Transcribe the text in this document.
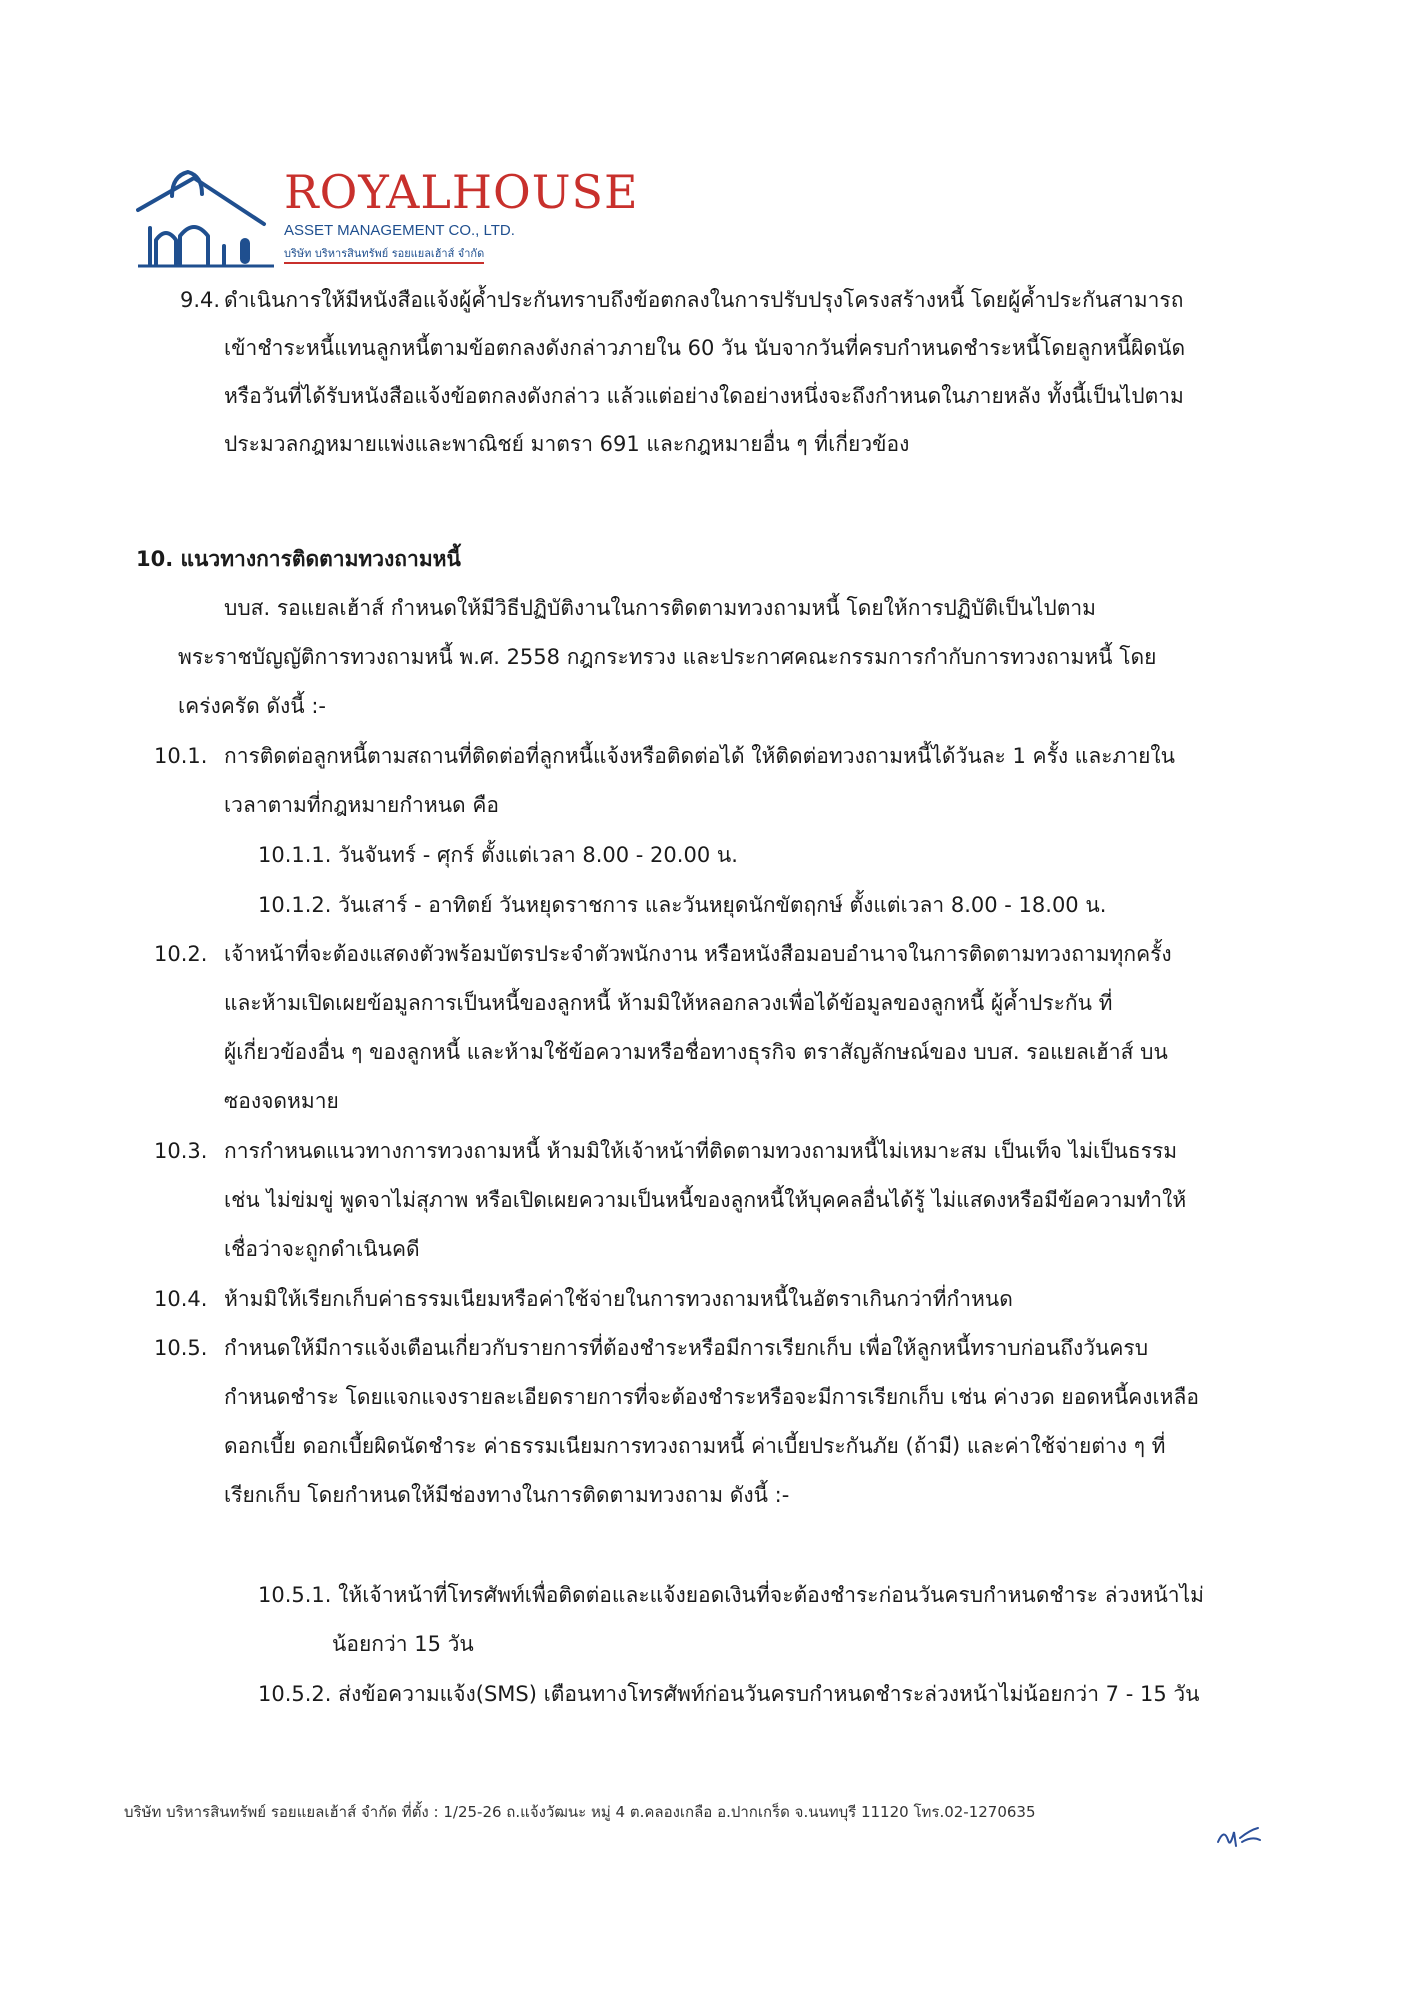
ROYALHOUSE
ASSET MANAGEMENT CO., LTD.
บริษัท บริหารสินทรัพย์ รอยแยลเฮ้าส์ จำกัด
9.4. ดำเนินการให้มีหนังสือแจ้งผู้ค้ำประกันทราบถึงข้อตกลงในการปรับปรุงโครงสร้างหนี้ โดยผู้ค้ำประกันสามารถ
เข้าชำระหนี้แทนลูกหนี้ตามข้อตกลงดังกล่าวภายใน 60 วัน นับจากวันที่ครบกำหนดชำระหนี้โดยลูกหนี้ผิดนัด
หรือวันที่ได้รับหนังสือแจ้งข้อตกลงดังกล่าว แล้วแต่อย่างใดอย่างหนึ่งจะถึงกำหนดในภายหลัง ทั้งนี้เป็นไปตาม
ประมวลกฎหมายแพ่งและพาณิชย์ มาตรา 691 และกฎหมายอื่น ๆ ที่เกี่ยวข้อง
10. แนวทางการติดตามทวงถามหนี้
บบส. รอแยลเฮ้าส์ กำหนดให้มีวิธีปฏิบัติงานในการติดตามทวงถามหนี้ โดยให้การปฏิบัติเป็นไปตาม
พระราชบัญญัติการทวงถามหนี้ พ.ศ. 2558 กฎกระทรวง และประกาศคณะกรรมการกำกับการทวงถามหนี้ โดย
เคร่งครัด ดังนี้ :-
10.1. การติดต่อลูกหนี้ตามสถานที่ติดต่อที่ลูกหนี้แจ้งหรือติดต่อได้ ให้ติดต่อทวงถามหนี้ได้วันละ 1 ครั้ง และภายใน
เวลาตามที่กฎหมายกำหนด คือ
10.1.1. วันจันทร์ - ศุกร์ ตั้งแต่เวลา 8.00 - 20.00 น.
10.1.2. วันเสาร์ - อาทิตย์ วันหยุดราชการ และวันหยุดนักขัตฤกษ์ ตั้งแต่เวลา 8.00 - 18.00 น.
10.2. เจ้าหน้าที่จะต้องแสดงตัวพร้อมบัตรประจำตัวพนักงาน หรือหนังสือมอบอำนาจในการติดตามทวงถามทุกครั้ง
และห้ามเปิดเผยข้อมูลการเป็นหนี้ของลูกหนี้ ห้ามมิให้หลอกลวงเพื่อได้ข้อมูลของลูกหนี้ ผู้ค้ำประกัน ที่
ผู้เกี่ยวข้องอื่น ๆ ของลูกหนี้ และห้ามใช้ข้อความหรือชื่อทางธุรกิจ ตราสัญลักษณ์ของ บบส. รอแยลเฮ้าส์ บน
ซองจดหมาย
10.3. การกำหนดแนวทางการทวงถามหนี้ ห้ามมิให้เจ้าหน้าที่ติดตามทวงถามหนี้ไม่เหมาะสม เป็นเท็จ ไม่เป็นธรรม
เช่น ไม่ข่มขู่ พูดจาไม่สุภาพ หรือเปิดเผยความเป็นหนี้ของลูกหนี้ให้บุคคลอื่นได้รู้ ไม่แสดงหรือมีข้อความทำให้
เชื่อว่าจะถูกดำเนินคดี
10.4. ห้ามมิให้เรียกเก็บค่าธรรมเนียมหรือค่าใช้จ่ายในการทวงถามหนี้ในอัตราเกินกว่าที่กำหนด
10.5. กำหนดให้มีการแจ้งเตือนเกี่ยวกับรายการที่ต้องชำระหรือมีการเรียกเก็บ เพื่อให้ลูกหนี้ทราบก่อนถึงวันครบ
กำหนดชำระ โดยแจกแจงรายละเอียดรายการที่จะต้องชำระหรือจะมีการเรียกเก็บ เช่น ค่างวด ยอดหนี้คงเหลือ
ดอกเบี้ย ดอกเบี้ยผิดนัดชำระ ค่าธรรมเนียมการทวงถามหนี้ ค่าเบี้ยประกันภัย (ถ้ามี) และค่าใช้จ่ายต่าง ๆ ที่
เรียกเก็บ โดยกำหนดให้มีช่องทางในการติดตามทวงถาม ดังนี้ :-
10.5.1. ให้เจ้าหน้าที่โทรศัพท์เพื่อติดต่อและแจ้งยอดเงินที่จะต้องชำระก่อนวันครบกำหนดชำระ ล่วงหน้าไม่
น้อยกว่า 15 วัน
10.5.2. ส่งข้อความแจ้ง(SMS) เตือนทางโทรศัพท์ก่อนวันครบกำหนดชำระล่วงหน้าไม่น้อยกว่า 7 - 15 วัน
บริษัท บริหารสินทรัพย์ รอยแยลเฮ้าส์ จำกัด ที่ตั้ง : 1/25-26 ถ.แจ้งวัฒนะ หมู่ 4 ต.คลองเกลือ อ.ปากเกร็ด จ.นนทบุรี 11120 โทร.02-1270635
